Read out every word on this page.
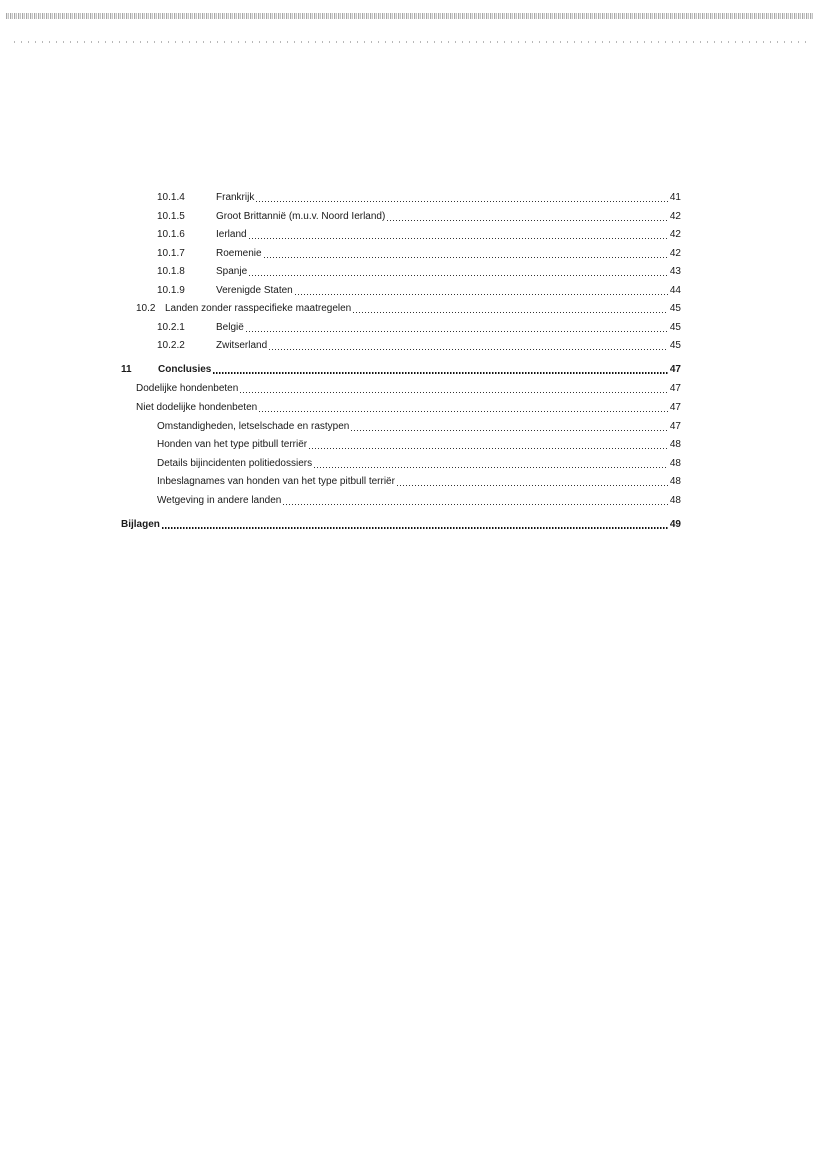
10.1.4	Frankrijk	41
10.1.5	Groot Brittannië (m.u.v. Noord Ierland)	42
10.1.6	Ierland	42
10.1.7	Roemenie	42
10.1.8	Spanje	43
10.1.9	Verenigde Staten	44
10.2 Landen zonder rasspecifieke maatregelen	45
10.2.1	België	45
10.2.2	Zwitserland	45
11	Conclusies	47
Dodelijke hondenbeten	47
Niet dodelijke hondenbeten	47
Omstandigheden, letselschade en rastypen	47
Honden van het type pitbull terriër	48
Details bijincidenten politiedossiers	48
Inbeslagnames van honden van het type pitbull terriër	48
Wetgeving in andere landen	48
Bijlagen	49
